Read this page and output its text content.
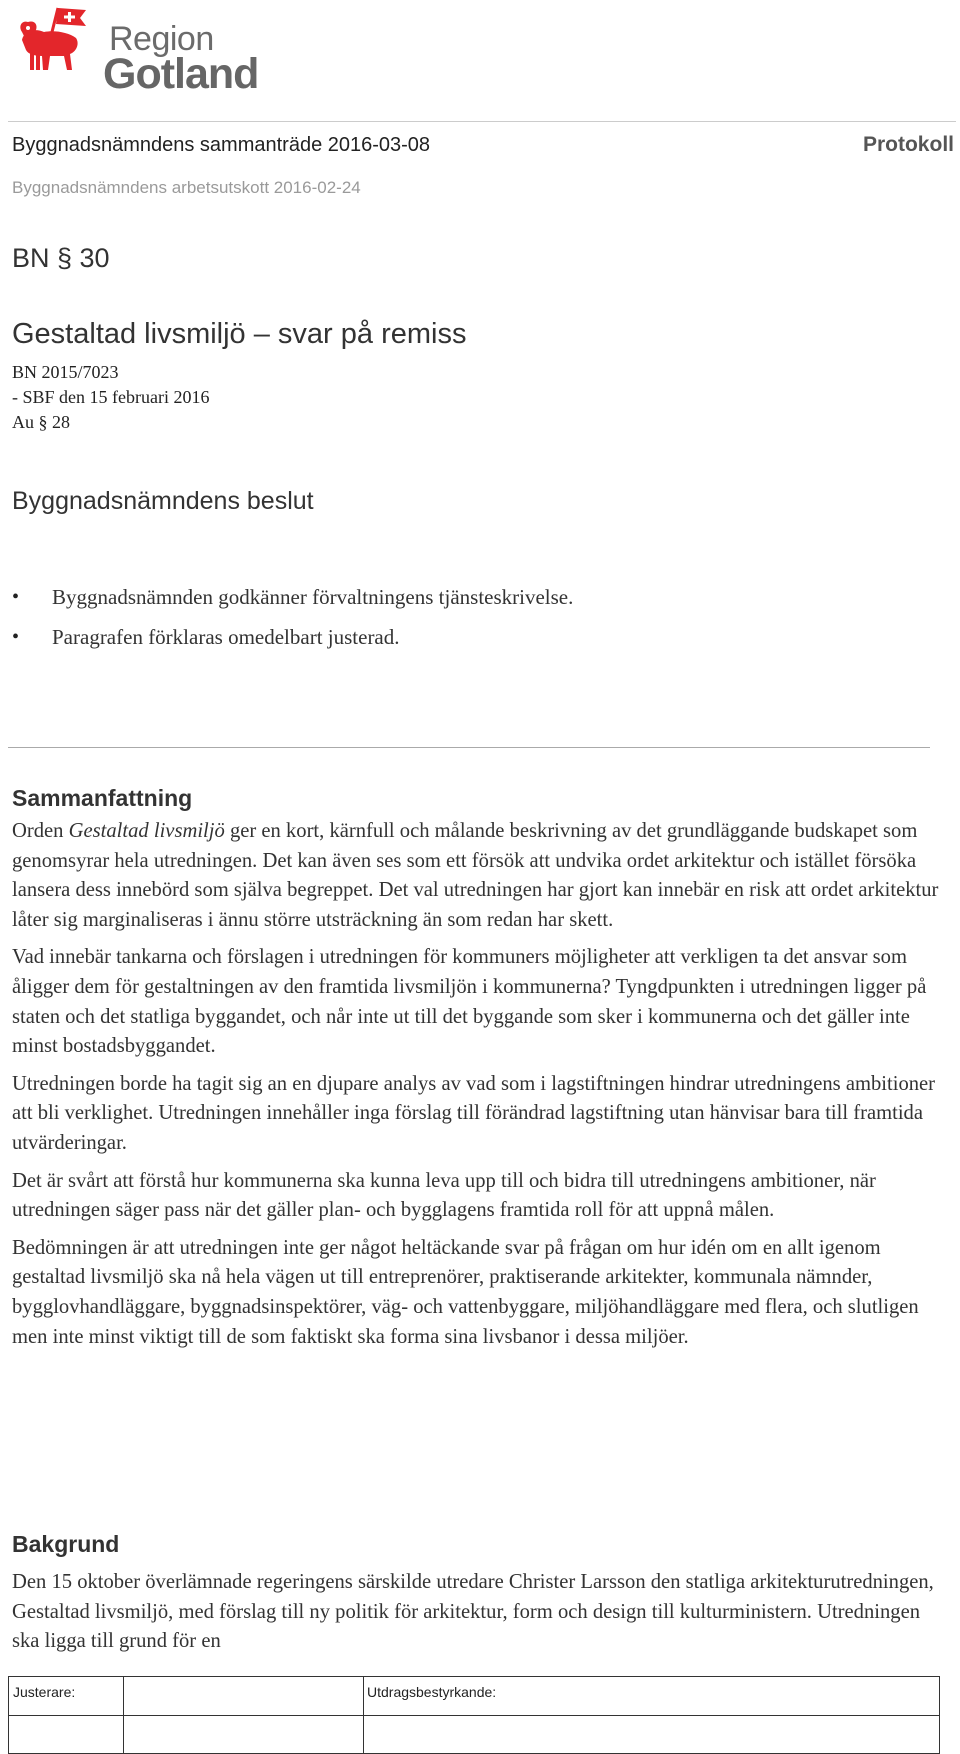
Region
Gotland
Byggnadsnämndens sammanträde 2016-03-08	Protokoll
Byggnadsnämndens arbetsutskott 2016-02-24
BN § 30
Gestaltad livsmiljö – svar på remiss
BN 2015/7023
- SBF den 15 februari 2016
Au § 28
Byggnadsnämndens beslut
• Byggnadsnämnden godkänner förvaltningens tjänsteskrivelse.
• Paragrafen förklaras omedelbart justerad.
Sammanfattning

Orden Gestaltad livsmiljö ger en kort, kärnfull och målande beskrivning av det grundläggande budskapet som genomsyrar hela utredningen. Det kan även ses som ett försök att undvika ordet arkitektur och istället försöka lansera dess innebörd som själva begreppet. Det val utredningen har gjort kan innebär en risk att ordet arkitektur låter sig marginaliseras i ännu större utsträckning än som redan har skett.

Vad innebär tankarna och förslagen i utredningen för kommuners möjligheter att verkligen ta det ansvar som åligger dem för gestaltningen av den framtida livsmiljön i kommunerna? Tyngdpunkten i utredningen ligger på staten och det statliga byggandet, och når inte ut till det byggande som sker i kommunerna och det gäller inte minst bostadsbyggandet.

Utredningen borde ha tagit sig an en djupare analys av vad som i lagstiftningen hindrar utredningens ambitioner att bli verklighet. Utredningen innehåller inga förslag till förändrad lagstiftning utan hänvisar bara till framtida utvärderingar.

Det är svårt att förstå hur kommunerna ska kunna leva upp till och bidra till utredningens ambitioner, när utredningen säger pass när det gäller plan- och bygglagens framtida roll för att uppnå målen.

Bedömningen är att utredningen inte ger något heltäckande svar på frågan om hur idén om en allt igenom gestaltad livsmiljö ska nå hela vägen ut till entreprenörer, praktiserande arkitekter, kommunala nämnder, bygglovhandläggare, byggnadsinspektörer, väg- och vattenbyggare, miljöhandläggare med flera, och slutligen men inte minst viktigt till de som faktiskt ska forma sina livsbanor i dessa miljöer.

Bakgrund

Den 15 oktober överlämnade regeringens särskilde utredare Christer Larsson den statliga arkitekturutredningen, Gestaltad livsmiljö, med förslag till ny politik för arkitektur, form och design till kulturministern. Utredningen ska ligga till grund för en

Justerare:	Utdragsbestyrkande:
